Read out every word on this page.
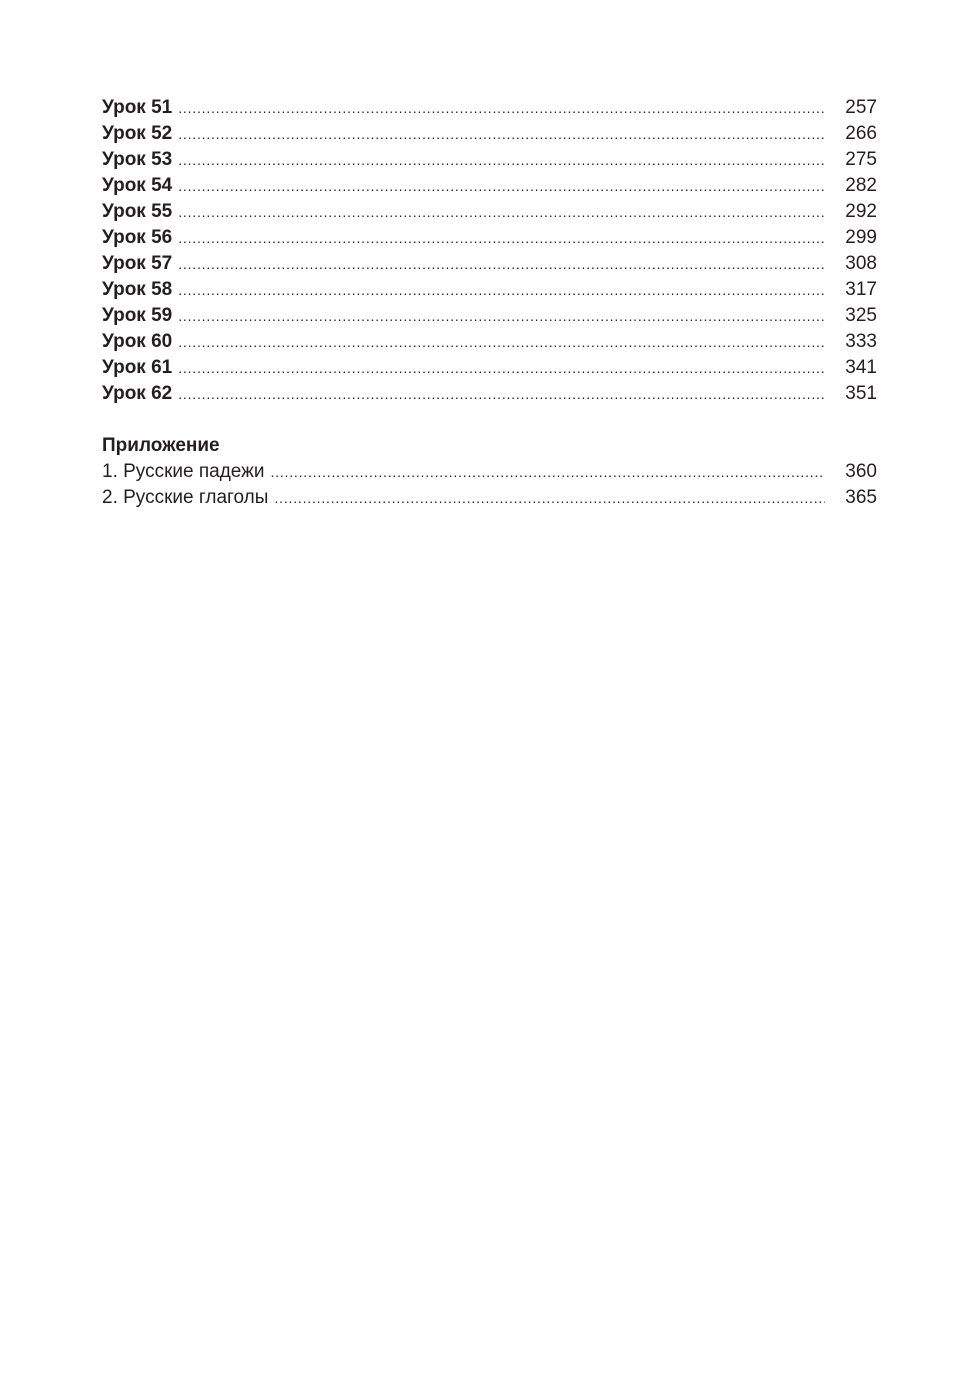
Урок 51 .....	257
Урок 52 .....	266
Урок 53 .....	275
Урок 54 .....	282
Урок 55 .....	292
Урок 56 .....	299
Урок 57 .....	308
Урок 58 .....	317
Урок 59 .....	325
Урок 60 .....	333
Урок 61 .....	341
Урок 62 .....	351
Приложение
1. Русские падежи .....	360
2. Русские глаголы .....	365
